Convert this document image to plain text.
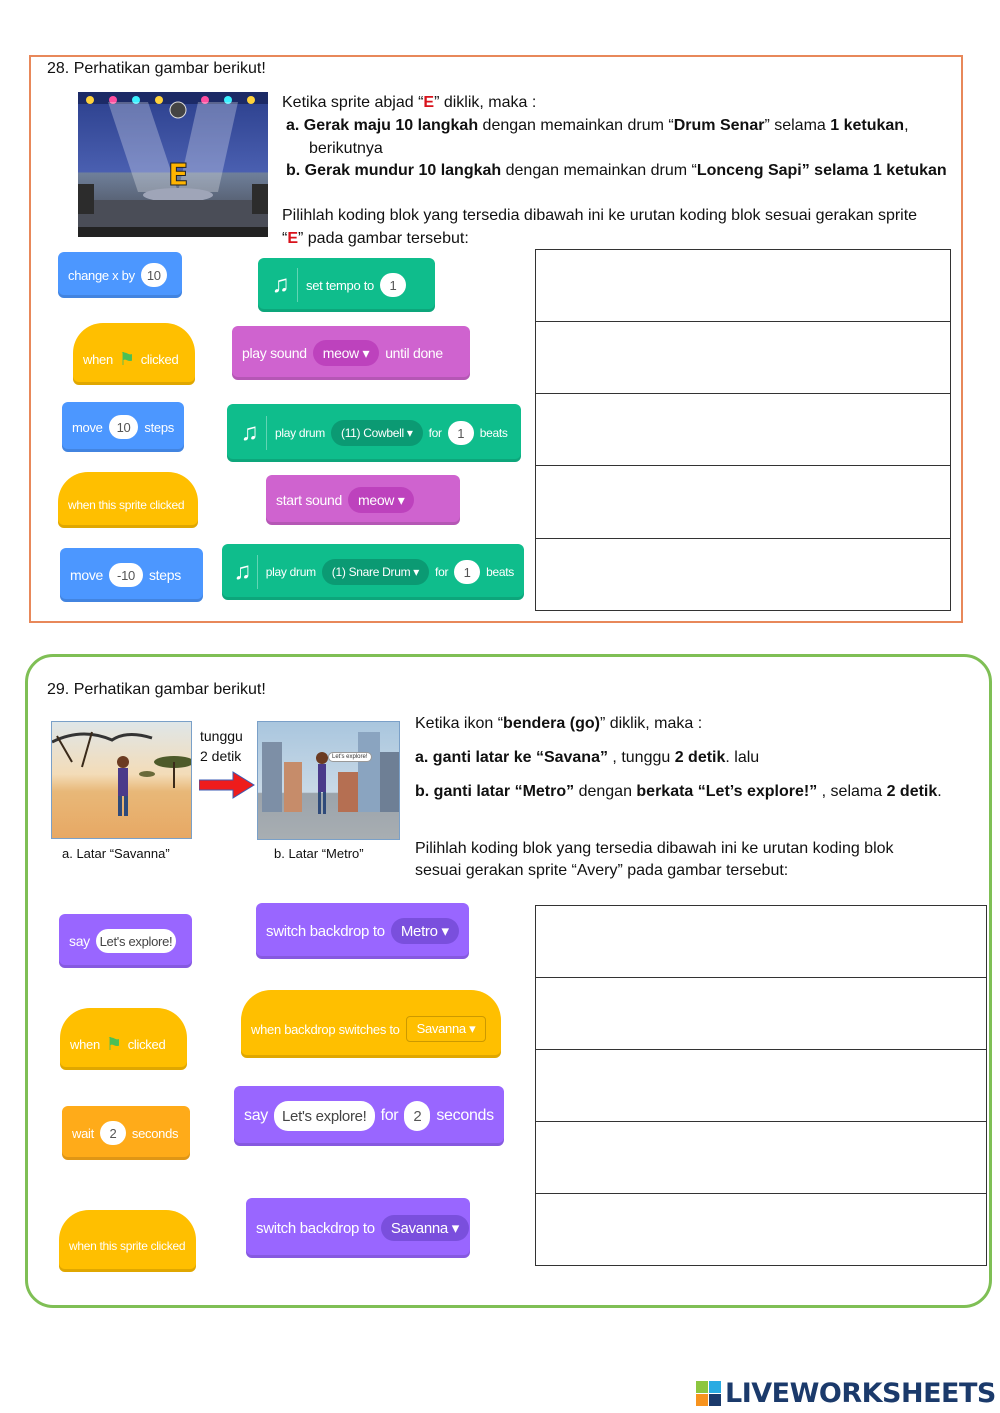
28. Perhatikan gambar berikut!
E
Ketika sprite abjad “E” diklik, maka :
a. Gerak maju 10 langkah dengan memainkan drum “Drum Senar” selama 1 ketukan,
berikutnya
b. Gerak mundur 10 langkah dengan memainkan drum “Lonceng Sapi” selama 1 ketukan
Pilihlah koding blok yang tersedia dibawah ini ke urutan koding blok sesuai gerakan sprite
“E” pada gambar tersebut:
change x by 10
when ⚑ clicked
move	10	steps
when this sprite clicked
move	-10	steps
♫	set tempo to	1
play sound	meow ▾	until done
♫	play drum	(11) Cowbell ▾	for	1	beats
start sound	meow ▾
♫	play drum	(1) Snare Drum ▾	for	1	beats
29. Perhatikan gambar berikut!
tunggu
2 detik	Let's explore!
a. Latar “Savanna”	b. Latar “Metro”
Ketika ikon “bendera (go)” diklik, maka :
a. ganti latar ke “Savana” , tunggu 2 detik. lalu
b. ganti latar “Metro” dengan berkata “Let’s explore!” , selama 2 detik.
Pilihlah koding blok yang tersedia dibawah ini ke urutan koding blok
sesuai gerakan sprite “Avery” pada gambar tersebut:
say Let's explore!
when ⚑ clicked
wait	2	seconds
when this sprite clicked
switch backdrop to	Metro ▾
when backdrop switches to	Savanna ▾
say Let's explore! for 2 seconds
switch backdrop to	Savanna ▾
LIVEWORKSHEETS
